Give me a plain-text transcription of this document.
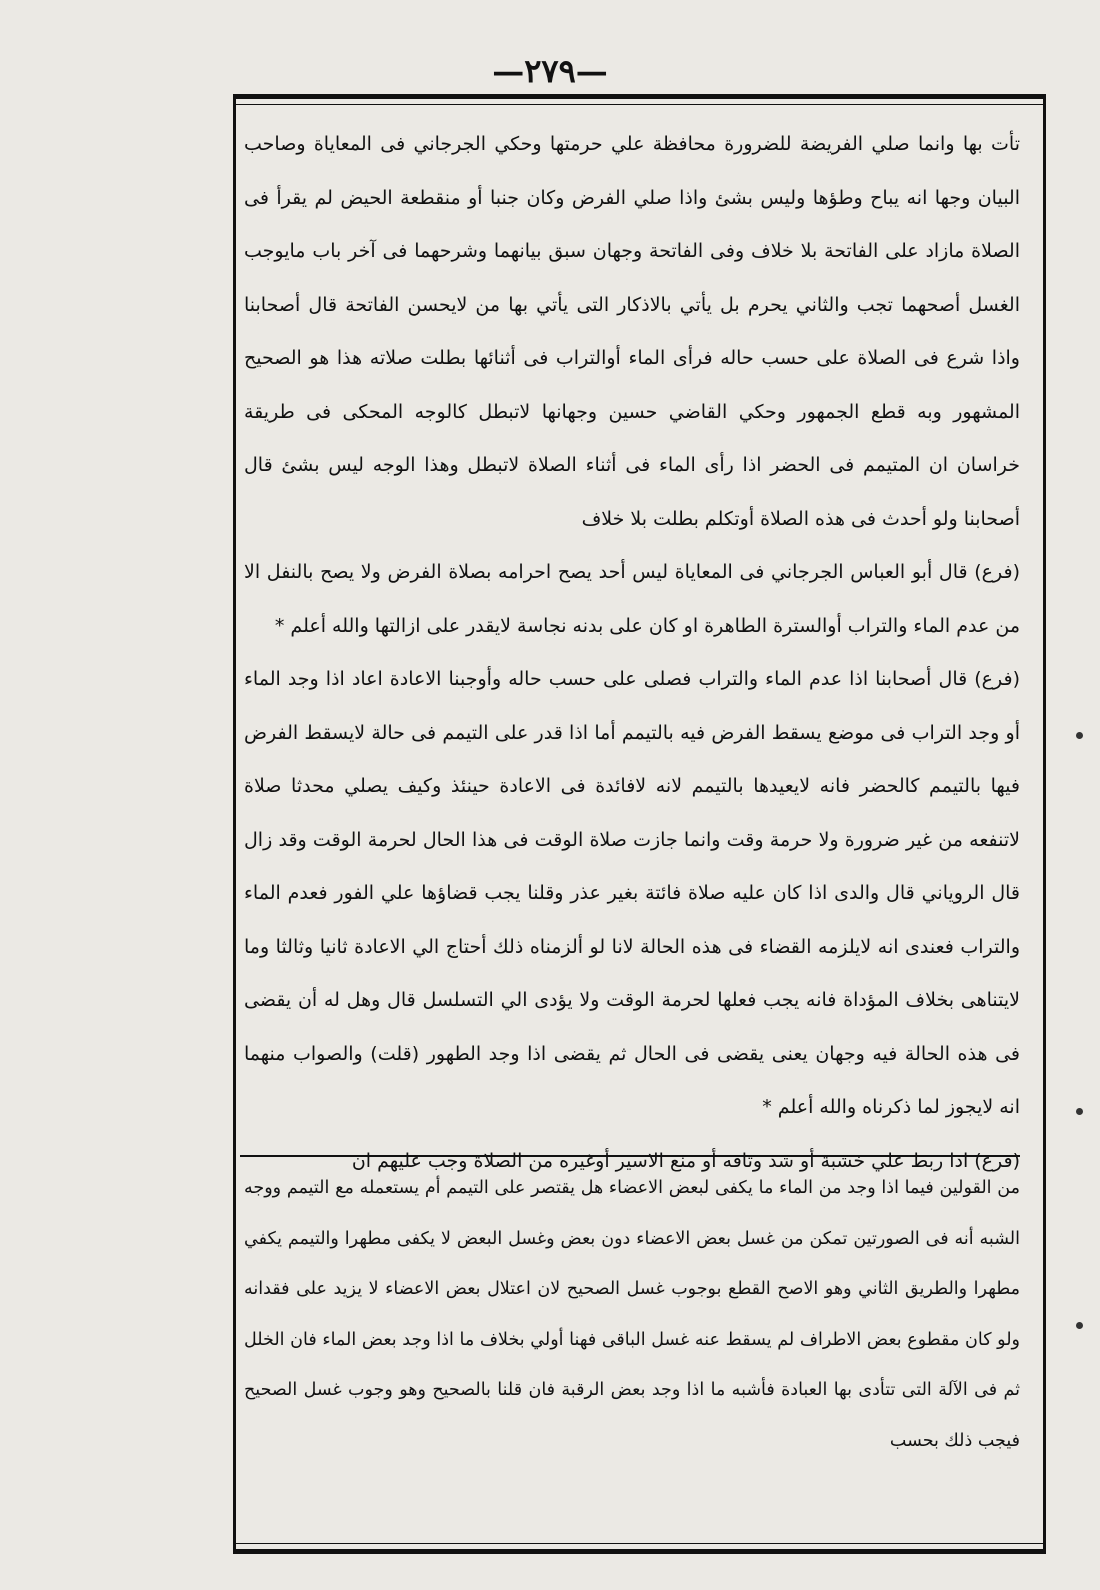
—٢٧٩—

تأت بها وانما صلي الفريضة للضرورة محافظة علي حرمتها وحكي الجرجاني فى المعاياة وصاحب البيان وجها انه يباح وطؤها وليس بشئ واذا صلي الفرض وكان جنبا أو منقطعة الحيض لم يقرأ فى الصلاة مازاد على الفاتحة بلا خلاف وفى الفاتحة وجهان سبق بيانهما وشرحهما فى آخر باب مايوجب الغسل أصحهما تجب والثاني يحرم بل يأتي بالاذكار التى يأتي بها من لايحسن الفاتحة قال أصحابنا واذا شرع فى الصلاة على حسب حاله فرأى الماء أوالتراب فى أثنائها بطلت صلاته هذا هو الصحيح المشهور وبه قطع الجمهور وحكي القاضي حسين وجهانها لاتبطل كالوجه المحكى فى طريقة خراسان ان المتيمم فى الحضر اذا رأى الماء فى أثناء الصلاة لاتبطل وهذا الوجه ليس بشئ قال أصحابنا ولو أحدث فى هذه الصلاة أوتكلم بطلت بلا خلاف

(فرع) قال أبو العباس الجرجاني فى المعاياة ليس أحد يصح احرامه بصلاة الفرض ولا يصح بالنفل الا من عدم الماء والتراب أوالسترة الطاهرة او كان على بدنه نجاسة لايقدر على ازالتها والله أعلم *

(فرع) قال أصحابنا اذا عدم الماء والتراب فصلى على حسب حاله وأوجبنا الاعادة اعاد اذا وجد الماء أو وجد التراب فى موضع يسقط الفرض فيه بالتيمم أما اذا قدر على التيمم فى حالة لايسقط الفرض فيها بالتيمم كالحضر فانه لايعيدها بالتيمم لانه لافائدة فى الاعادة حينئذ وكيف يصلي محدثا صلاة لاتنفعه من غير ضرورة ولا حرمة وقت وانما جازت صلاة الوقت فى هذا الحال لحرمة الوقت وقد زال قال الروياني قال والدى اذا كان عليه صلاة فائتة بغير عذر وقلنا يجب قضاؤها علي الفور فعدم الماء والتراب فعندى انه لايلزمه القضاء فى هذه الحالة لانا لو ألزمناه ذلك أحتاج الي الاعادة ثانيا وثالثا وما لايتناهى بخلاف المؤداة فانه يجب فعلها لحرمة الوقت ولا يؤدى الي التسلسل قال وهل له أن يقضى فى هذه الحالة فيه وجهان يعنى يقضى فى الحال ثم يقضى اذا وجد الطهور (قلت) والصواب منهما انه لايجوز لما ذكرناه والله أعلم *

(فرع) اذا ربط علي خشبة أو شد وثاقه أو منع الاسير أوغيره من الصلاة وجب عليهم ان

من القولين فيما اذا وجد من الماء ما يكفى لبعض الاعضاء هل يقتصر على التيمم أم يستعمله مع التيمم ووجه الشبه أنه فى الصورتين تمكن من غسل بعض الاعضاء دون بعض وغسل البعض لا يكفى مطهرا والتيمم يكفي مطهرا والطريق الثاني وهو الاصح القطع بوجوب غسل الصحيح لان اعتلال بعض الاعضاء لا يزيد على فقدانه ولو كان مقطوع بعض الاطراف لم يسقط عنه غسل الباقى فهنا أولي بخلاف ما اذا وجد بعض الماء فان الخلل ثم فى الآلة التى تتأدى بها العبادة فأشبه ما اذا وجد بعض الرقبة فان قلنا بالصحيح وهو وجوب غسل الصحيح فيجب ذلك بحسب
